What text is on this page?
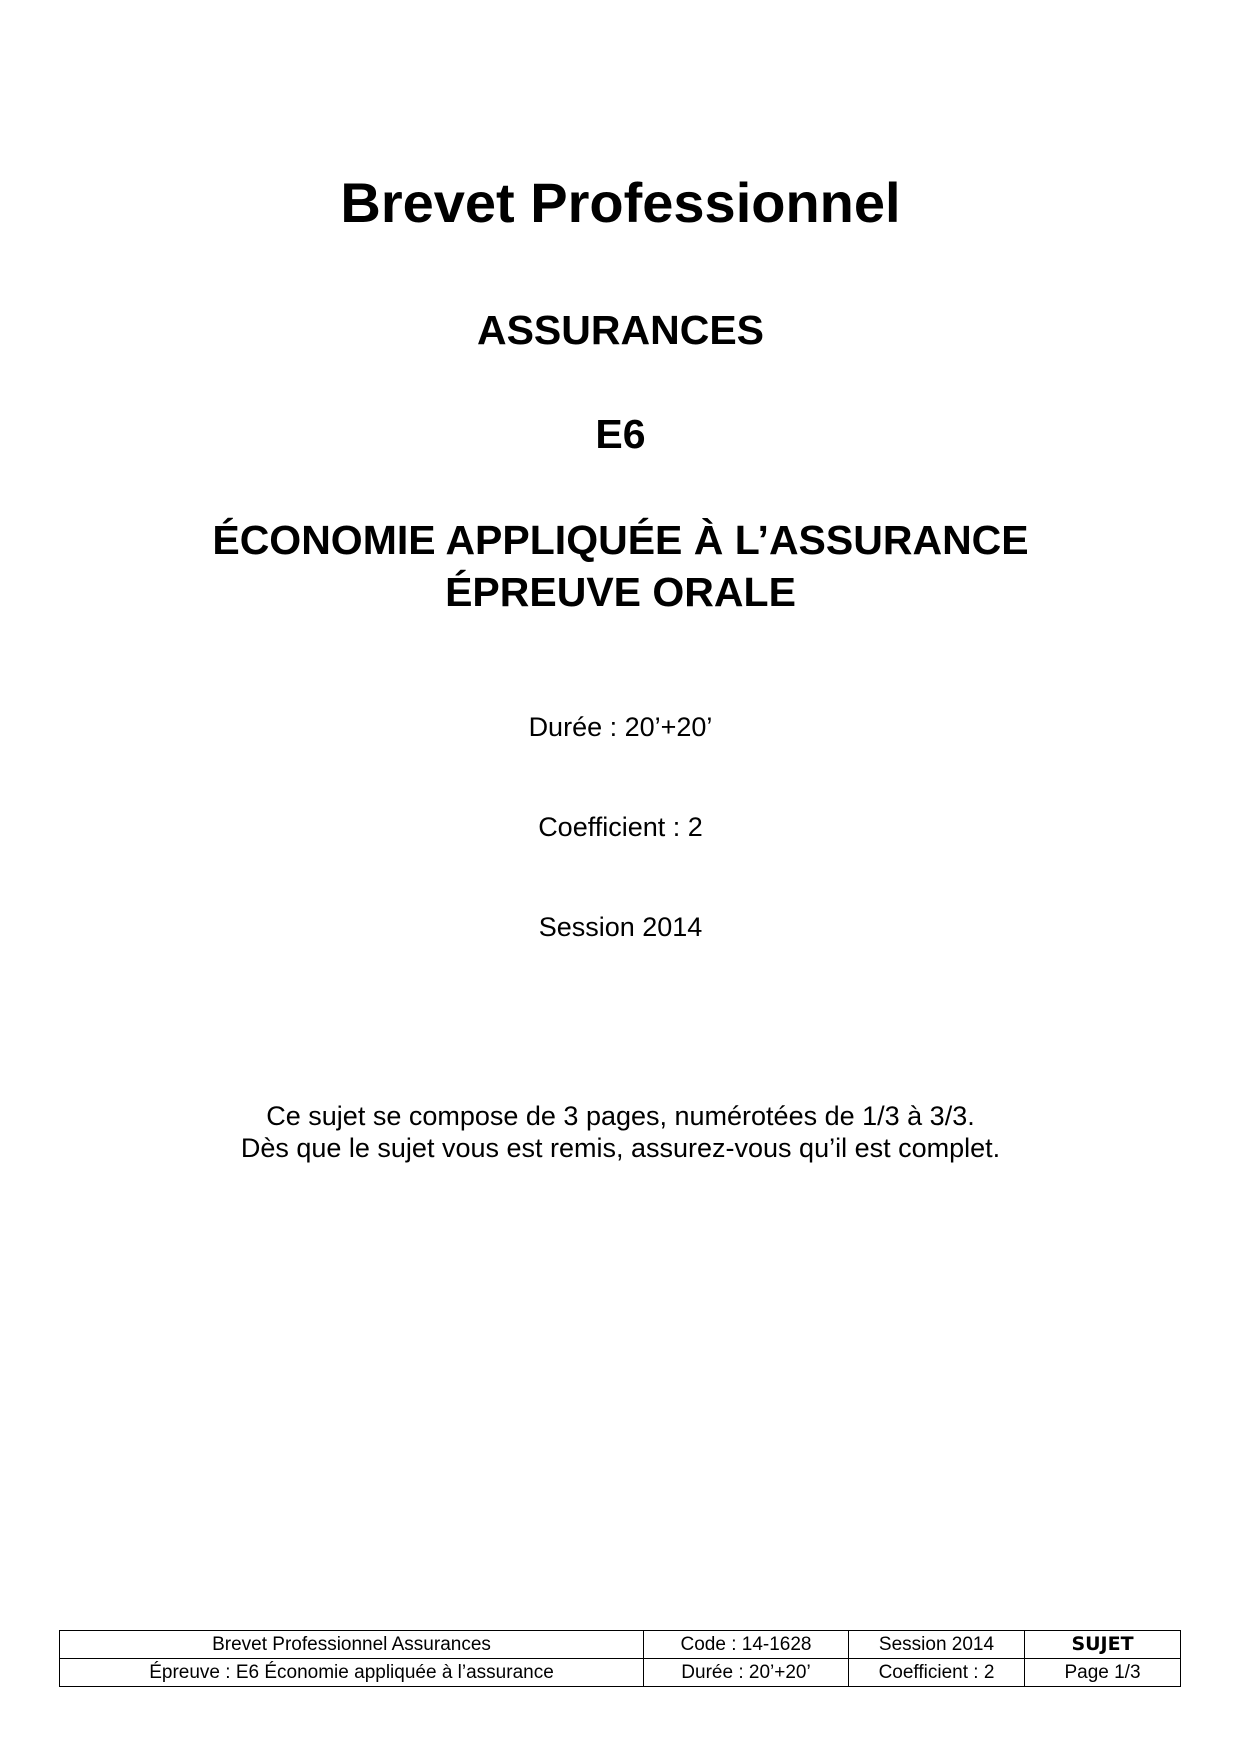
Brevet Professionnel
ASSURANCES
E6
ÉCONOMIE APPLIQUÉE À L’ASSURANCE
ÉPREUVE ORALE
Durée : 20’+20’
Coefficient : 2
Session 2014
Ce sujet se compose de 3 pages, numérotées de 1/3 à 3/3.
Dès que le sujet vous est remis, assurez-vous qu’il est complet.
Brevet Professionnel Assurances	Code : 14-1628	Session 2014	SUJET
Épreuve : E6 Économie appliquée à l’assurance	Durée : 20’+20’	Coefficient : 2	Page 1/3
